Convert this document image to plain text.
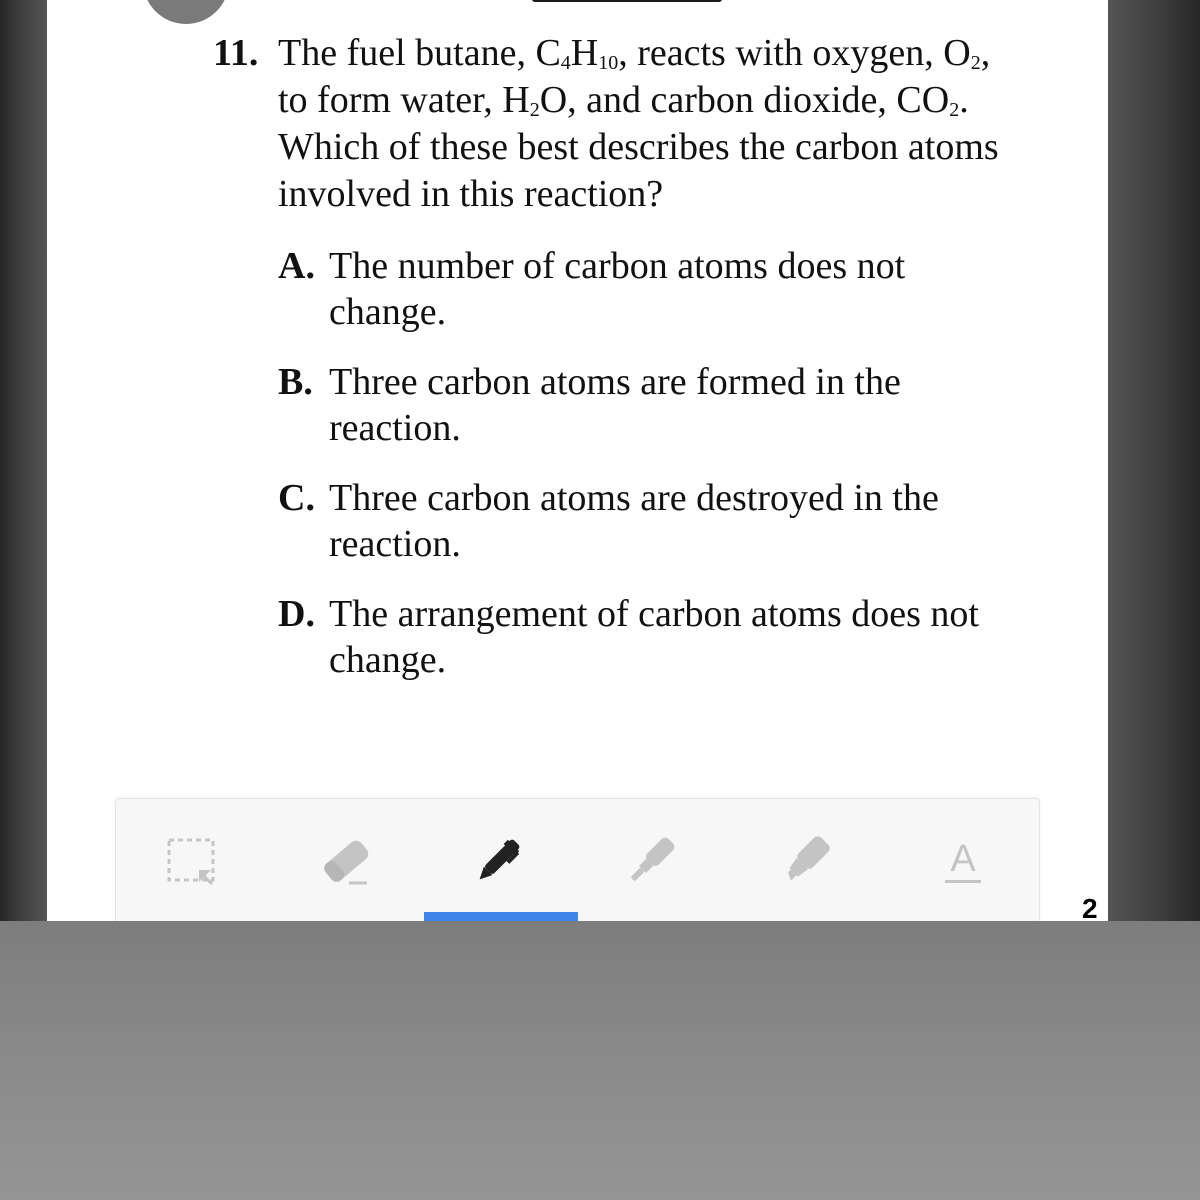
11. The fuel butane, $C_4H_{10}$, reacts with oxygen, $O_2$,
to form water, $H_2O$, and carbon dioxide, $CO_2$.
Which of these best describes the carbon atoms
involved in this reaction?
A. The number of carbon atoms does not
change.
B. Three carbon atoms are formed in the
reaction.
C. Three carbon atoms are destroyed in the
reaction.
D. The arrangement of carbon atoms does not
change.
A
2
